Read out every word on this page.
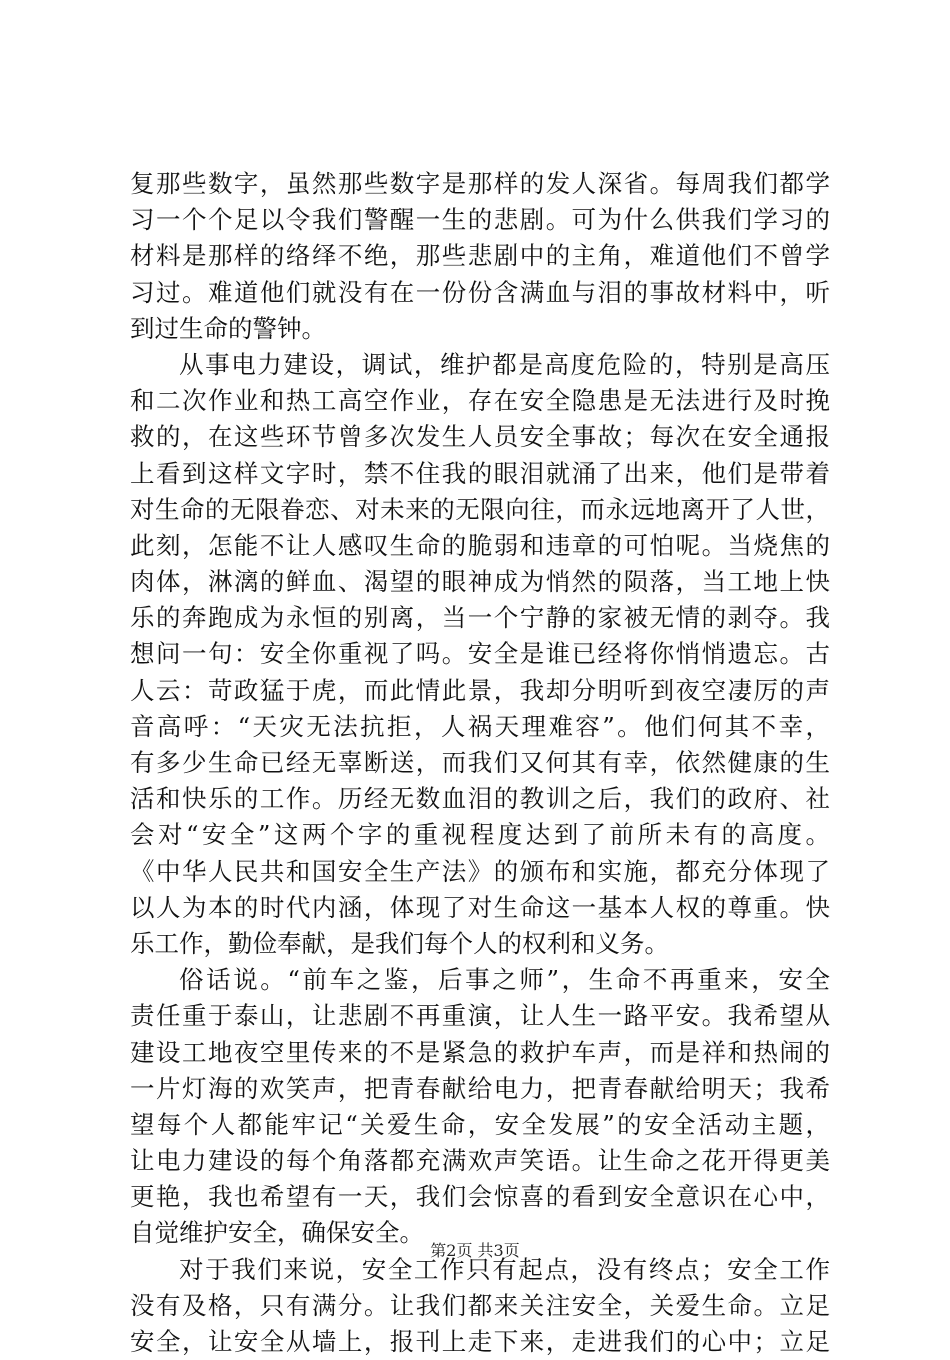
复那些数字，虽然那些数字是那样的发人深省。每周我们都学
习一个个足以令我们警醒一生的悲剧。可为什么供我们学习的
材料是那样的络绎不绝，那些悲剧中的主角，难道他们不曾学
习过。难道他们就没有在一份份含满血与泪的事故材料中，听
到过生命的警钟。
从事电力建设，调试，维护都是高度危险的，特别是高压
和二次作业和热工高空作业，存在安全隐患是无法进行及时挽
救的，在这些环节曾多次发生人员安全事故；每次在安全通报
上看到这样文字时，禁不住我的眼泪就涌了出来，他们是带着
对生命的无限眷恋、对未来的无限向往，而永远地离开了人世，
此刻，怎能不让人感叹生命的脆弱和违章的可怕呢。当烧焦的
肉体，淋漓的鲜血、渴望的眼神成为悄然的陨落，当工地上快
乐的奔跑成为永恒的别离，当一个宁静的家被无情的剥夺。我
想问一句：安全你重视了吗。安全是谁已经将你悄悄遗忘。古
人云：苛政猛于虎，而此情此景，我却分明听到夜空凄厉的声
音高呼：“天灾无法抗拒，人祸天理难容”。他们何其不幸，
有多少生命已经无辜断送，而我们又何其有幸，依然健康的生
活和快乐的工作。历经无数血泪的教训之后，我们的政府、社
会对“安全”这两个字的重视程度达到了前所未有的高度。
《中华人民共和国安全生产法》的颁布和实施，都充分体现了
以人为本的时代内涵，体现了对生命这一基本人权的尊重。快
乐工作，勤俭奉献，是我们每个人的权利和义务。
俗话说。“前车之鉴，后事之师”，生命不再重来，安全
责任重于泰山，让悲剧不再重演，让人生一路平安。我希望从
建设工地夜空里传来的不是紧急的救护车声，而是祥和热闹的
一片灯海的欢笑声，把青春献给电力，把青春献给明天；我希
望每个人都能牢记“关爱生命，安全发展”的安全活动主题，
让电力建设的每个角落都充满欢声笑语。让生命之花开得更美
更艳，我也希望有一天，我们会惊喜的看到安全意识在心中，
自觉维护安全，确保安全。
对于我们来说，安全工作只有起点，没有终点；安全工作
没有及格，只有满分。让我们都来关注安全，关爱生命。立足
安全，让安全从墙上，报刊上走下来，走进我们的心中；立足
第2页 共3页
